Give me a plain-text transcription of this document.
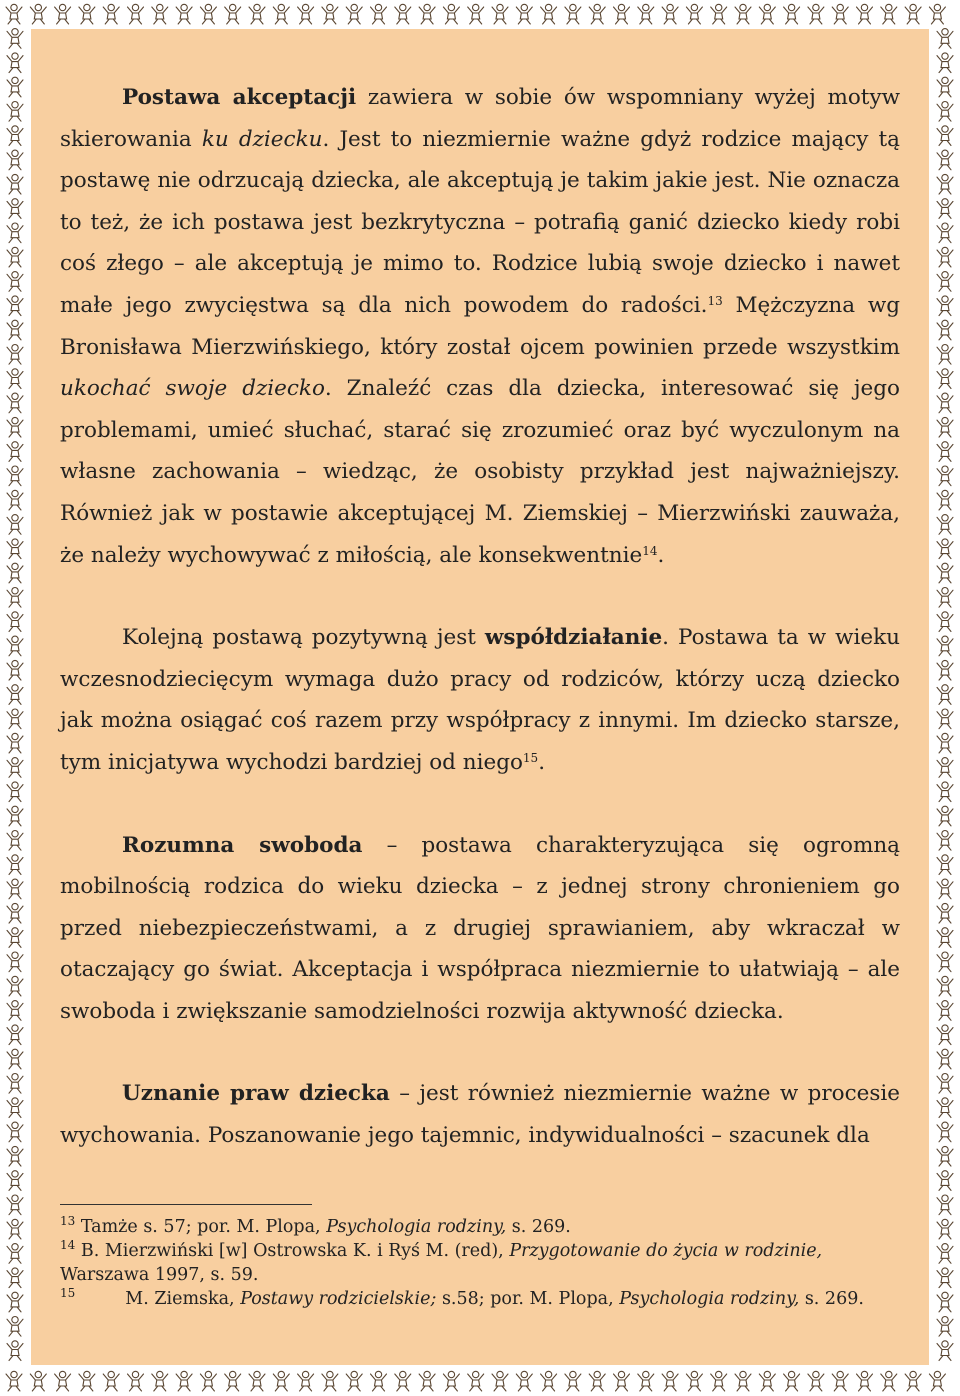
Postawa akceptacji zawiera w sobie ów wspomniany wyżej motyw skierowania ku dziecku. Jest to niezmiernie ważne gdyż rodzice mający tą postawę nie odrzucają dziecka, ale akceptują je takim jakie jest. Nie oznacza to też, że ich postawa jest bezkrytyczna – potrafią ganić dziecko kiedy robi coś złego – ale akceptują je mimo to. Rodzice lubią swoje dziecko i nawet małe jego zwycięstwa są dla nich powodem do radości.$^{13}$ Mężczyzna wg Bronisława Mierzwińskiego, który został ojcem powinien przede wszystkim ukochać swoje dziecko. Znaleźć czas dla dziecka, interesować się jego problemami, umieć słuchać, starać się zrozumieć oraz być wyczulonym na własne zachowania – wiedząc, że osobisty przykład jest najważniejszy. Również jak w postawie akceptującej M. Ziemskiej – Mierzwiński zauważa, że należy wychowywać z miłością, ale konsekwentnie$^{14}$.

Kolejną postawą pozytywną jest współdziałanie. Postawa ta w wieku wczesnodziecięcym wymaga dużo pracy od rodziców, którzy uczą dziecko jak można osiągać coś razem przy współpracy z innymi. Im dziecko starsze, tym inicjatywa wychodzi bardziej od niego$^{15}$.

Rozumna swoboda – postawa charakteryzująca się ogromną mobilnością rodzica do wieku dziecka – z jednej strony chronieniem go przed niebezpieczeństwami, a z drugiej sprawianiem, aby wkraczał w otaczający go świat. Akceptacja i współpraca niezmiernie to ułatwiają – ale swoboda i zwiększanie samodzielności rozwija aktywność dziecka.

Uznanie praw dziecka – jest również niezmiernie ważne w procesie wychowania. Poszanowanie jego tajemnic, indywidualności – szacunek dla

$^{13}$ Tamże s. 57; por. M. Plopa, Psychologia rodziny, s. 269.

$^{14}$ B. Mierzwiński [w] Ostrowska K. i Ryś M. (red), Przygotowanie do życia w rodzinie, Warszawa 1997, s. 59.

$^{15}$	M. Ziemska, Postawy rodzicielskie; s.58; por. M. Plopa, Psychologia rodziny, s. 269.
